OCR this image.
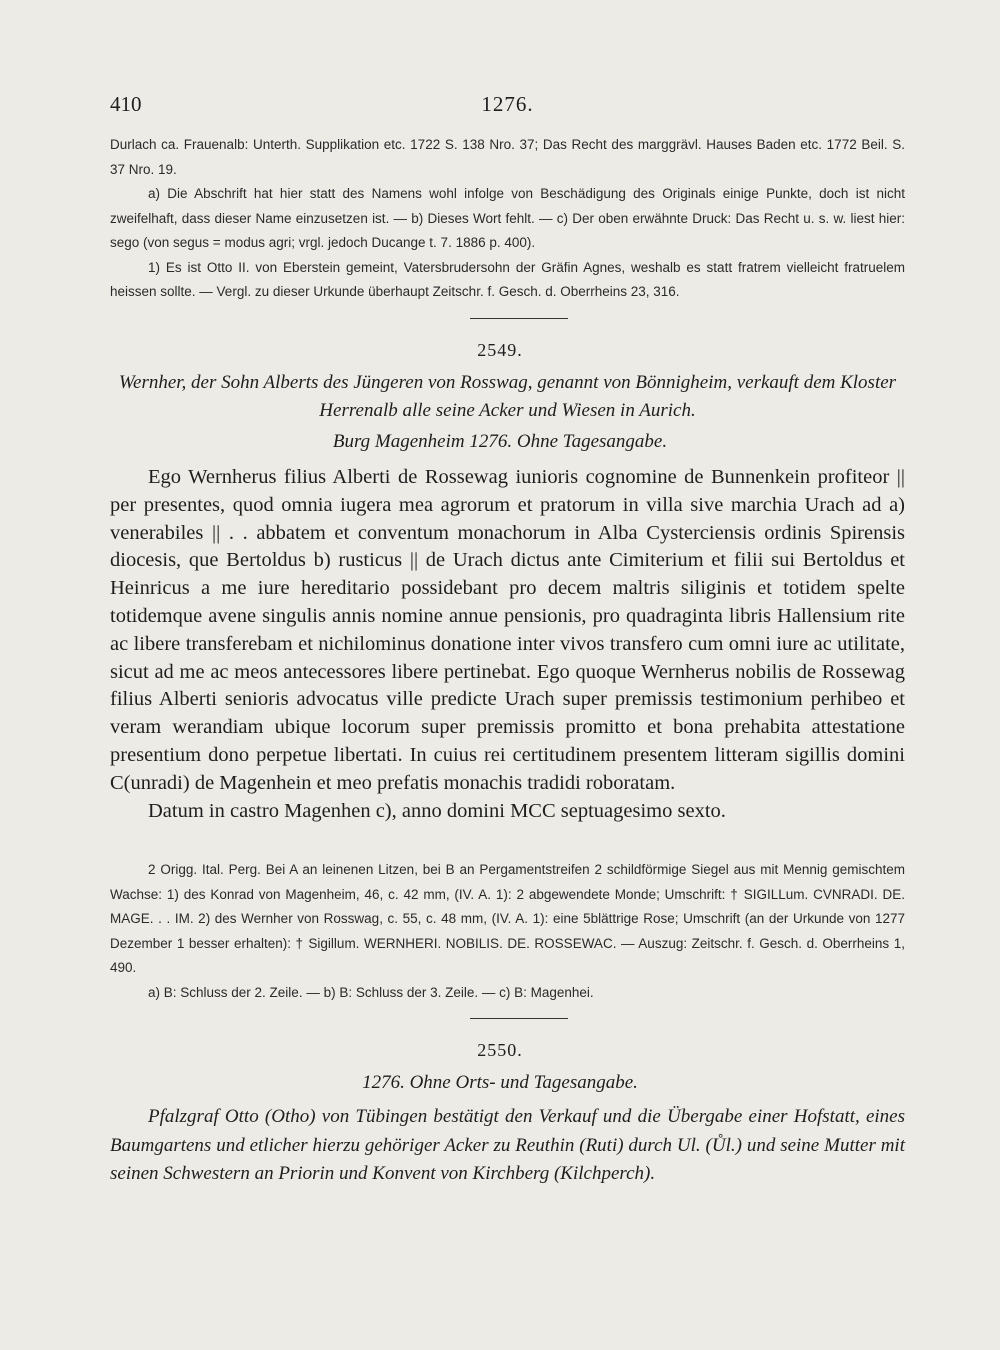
410	1276.

Durlach ca. Frauenalb: Unterth. Supplikation etc. 1722 S. 138 Nro. 37; Das Recht des marggrävl. Hauses Baden etc. 1772 Beil. S. 37 Nro. 19.

a) Die Abschrift hat hier statt des Namens wohl infolge von Beschädigung des Originals einige Punkte, doch ist nicht zweifelhaft, dass dieser Name einzusetzen ist. — b) Dieses Wort fehlt. — c) Der oben erwähnte Druck: Das Recht u. s. w. liest hier: sego (von segus = modus agri; vrgl. jedoch Ducange t. 7. 1886 p. 400).

1) Es ist Otto II. von Eberstein gemeint, Vatersbrudersohn der Gräfin Agnes, weshalb es statt fratrem vielleicht fratruelem heissen sollte. — Vergl. zu dieser Urkunde überhaupt Zeitschr. f. Gesch. d. Oberrheins 23, 316.

2549.

Wernher, der Sohn Alberts des Jüngeren von Rosswag, genannt von Bönnigheim, verkauft dem Kloster Herrenalb alle seine Acker und Wiesen in Aurich.

Burg Magenheim 1276. Ohne Tagesangabe.

Ego Wernherus filius Alberti de Rossewag iunioris cognomine de Bunnenkein profiteor || per presentes, quod omnia iugera mea agrorum et pratorum in villa sive marchia Urach ad a) venerabiles || . . abbatem et conventum monachorum in Alba Cysterciensis ordinis Spirensis diocesis, que Bertoldus b) rusticus || de Urach dictus ante Cimiterium et filii sui Bertoldus et Heinricus a me iure hereditario possidebant pro decem maltris siliginis et totidem spelte totidemque avene singulis annis nomine annue pensionis, pro quadraginta libris Hallensium rite ac libere transferebam et nichilominus donatione inter vivos transfero cum omni iure ac utilitate, sicut ad me ac meos antecessores libere pertinebat. Ego quoque Wernherus nobilis de Rossewag filius Alberti senioris advocatus ville predicte Urach super premissis testimonium perhibeo et veram werandiam ubique locorum super premissis promitto et bona prehabita attestatione presentium dono perpetue libertati. In cuius rei certitudinem presentem litteram sigillis domini C(unradi) de Magenhein et meo prefatis monachis tradidi roboratam.

Datum in castro Magenhen c), anno domini MCC septuagesimo sexto.

2 Origg. Ital. Perg. Bei A an leinenen Litzen, bei B an Pergamentstreifen 2 schildförmige Siegel aus mit Mennig gemischtem Wachse: 1) des Konrad von Magenheim, 46, c. 42 mm, (IV. A. 1): 2 abgewendete Monde; Umschrift: † SIGILLum. CVNRADI. DE. MAGE. . . IM. 2) des Wernher von Rosswag, c. 55, c. 48 mm, (IV. A. 1): eine 5blättrige Rose; Umschrift (an der Urkunde von 1277 Dezember 1 besser erhalten): † Sigillum. WERNHERI. NOBILIS. DE. ROSSEWAC. — Auszug: Zeitschr. f. Gesch. d. Oberrheins 1, 490.

a) B: Schluss der 2. Zeile. — b) B: Schluss der 3. Zeile. — c) B: Magenhei.

2550.
1276. Ohne Orts- und Tagesangabe.

Pfalzgraf Otto (Otho) von Tübingen bestätigt den Verkauf und die Übergabe einer Hofstatt, eines Baumgartens und etlicher hierzu gehöriger Acker zu Reuthin (Ruti) durch Ul. (Ůl.) und seine Mutter mit seinen Schwestern an Priorin und Konvent von Kirchberg (Kilchperch).
